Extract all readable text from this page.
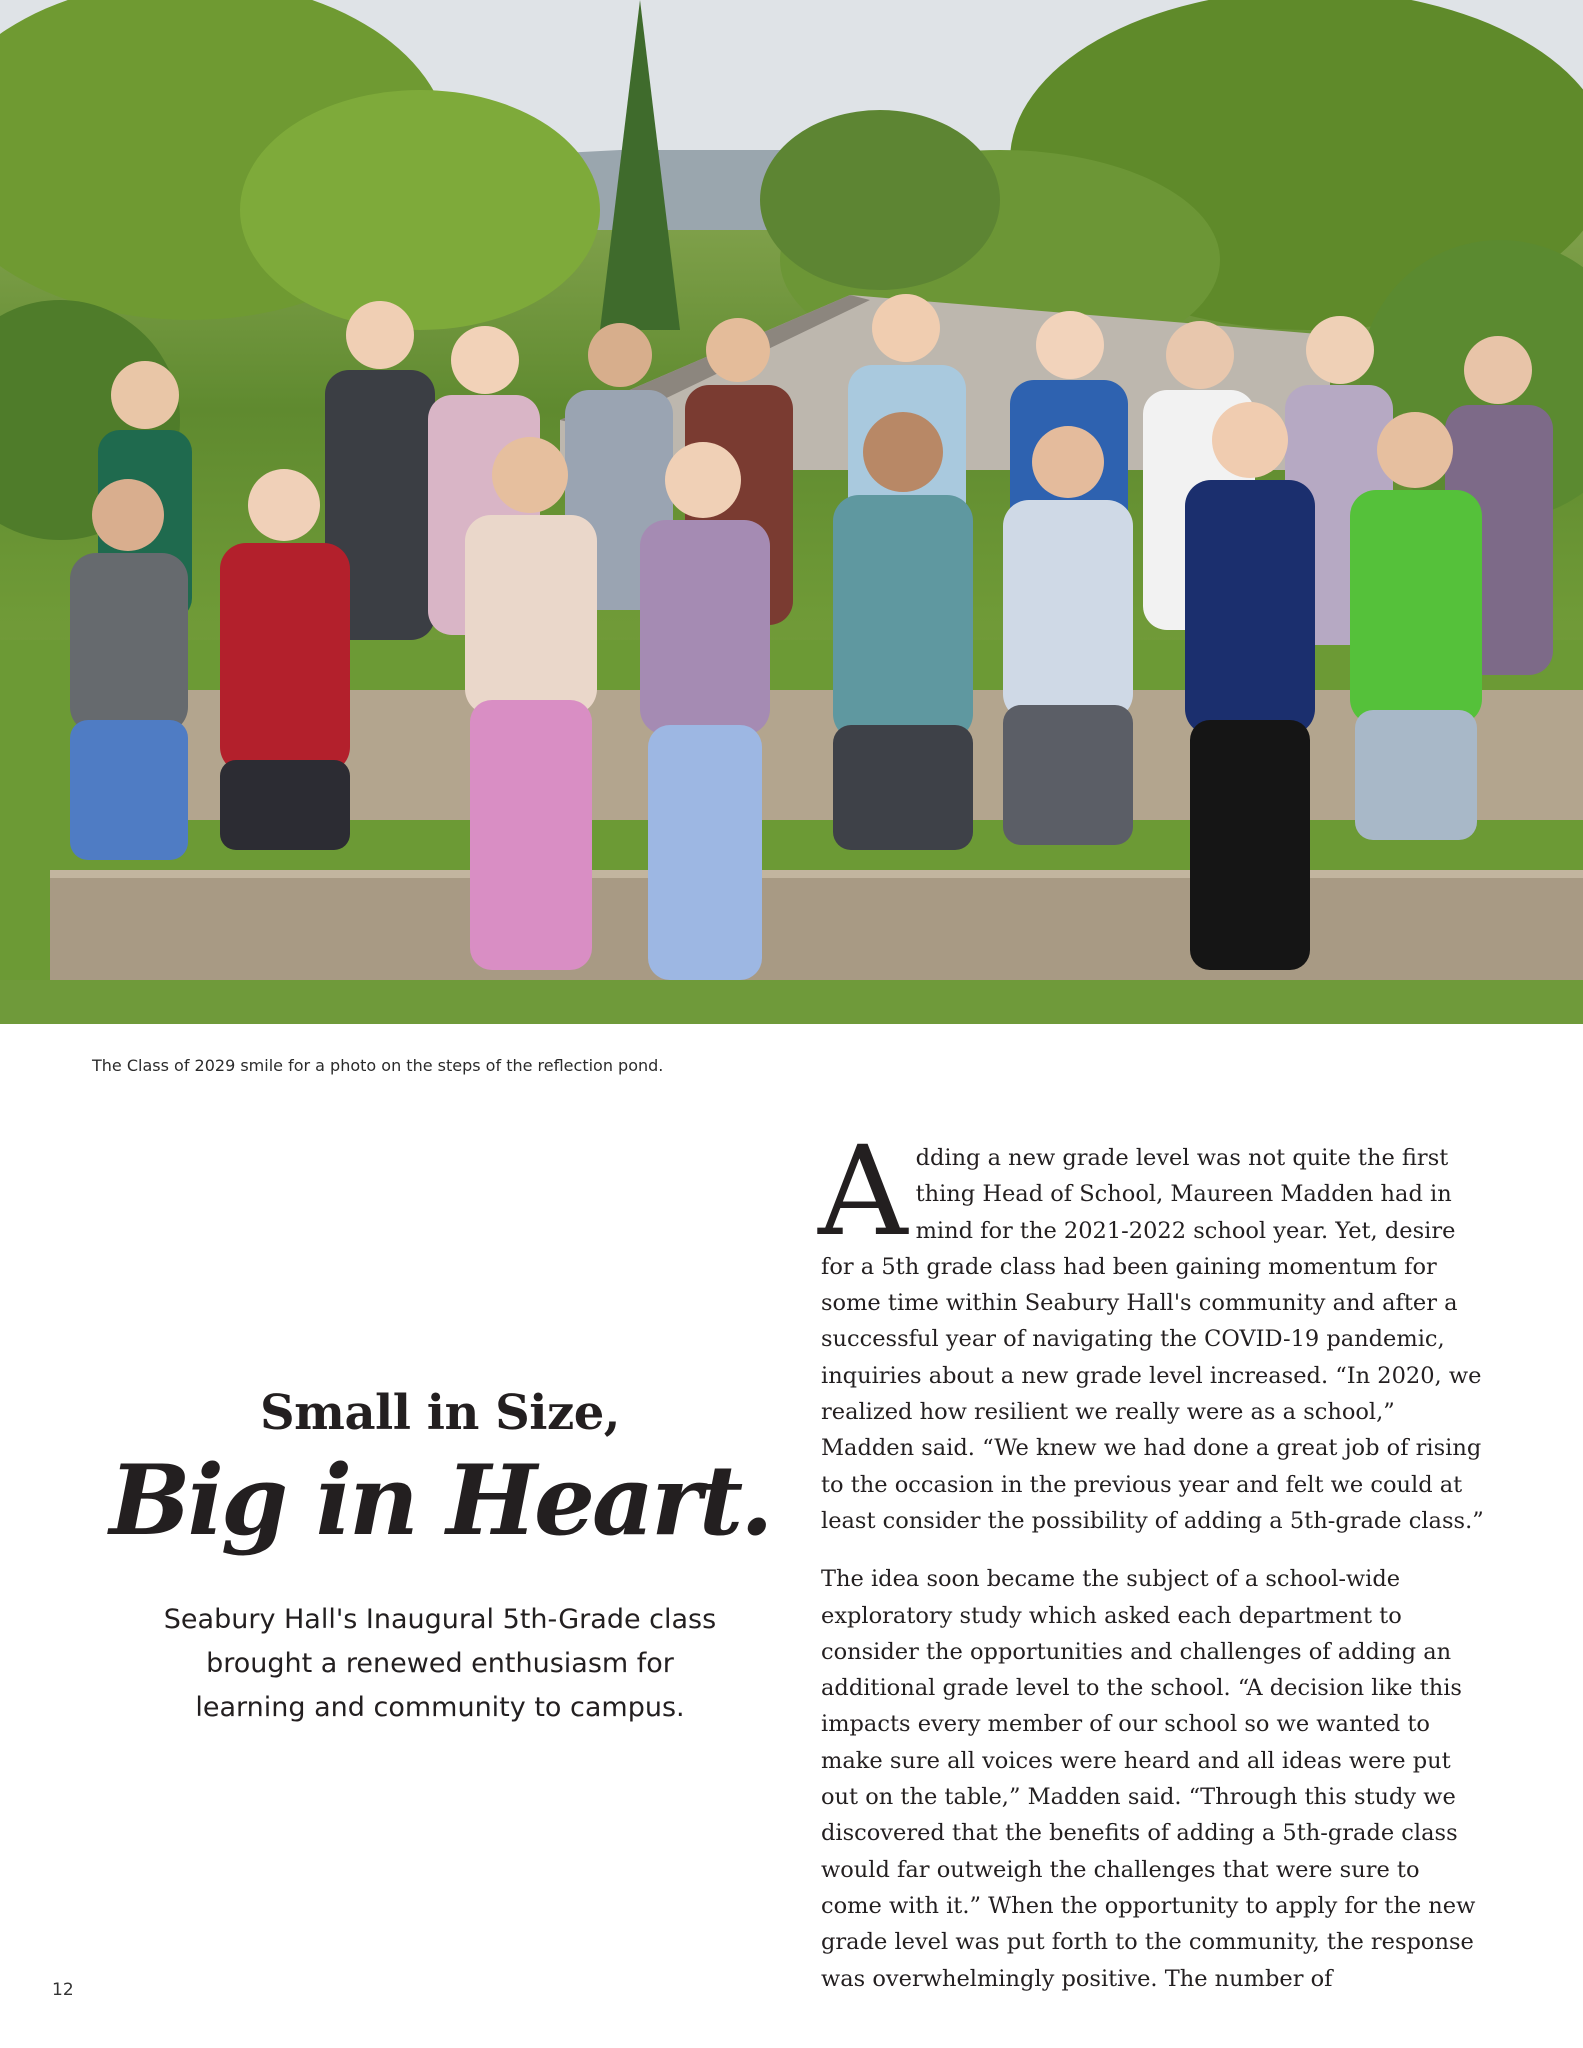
The Class of 2029 smile for a photo on the steps of the reflection pond.
Small in Size,
Big in Heart.
Seabury Hall's Inaugural 5th-Grade class brought a renewed enthusiasm for learning and community to campus.

Adding a new grade level was not quite the first thing Head of School, Maureen Madden had in mind for the 2021-2022 school year. Yet, desire for a 5th grade class had been gaining momentum for some time within Seabury Hall's community and after a successful year of navigating the COVID-19 pandemic, inquiries about a new grade level increased. “In 2020, we realized how resilient we really were as a school,” Madden said. “We knew we had done a great job of rising to the occasion in the previous year and felt we could at least consider the possibility of adding a 5th-grade class.”

The idea soon became the subject of a school-wide exploratory study which asked each department to consider the opportunities and challenges of adding an additional grade level to the school. “A decision like this impacts every member of our school so we wanted to make sure all voices were heard and all ideas were put out on the table,” Madden said. “Through this study we discovered that the benefits of adding a 5th-grade class would far outweigh the challenges that were sure to come with it.” When the opportunity to apply for the new grade level was put forth to the community, the response was overwhelmingly positive. The number of

12
